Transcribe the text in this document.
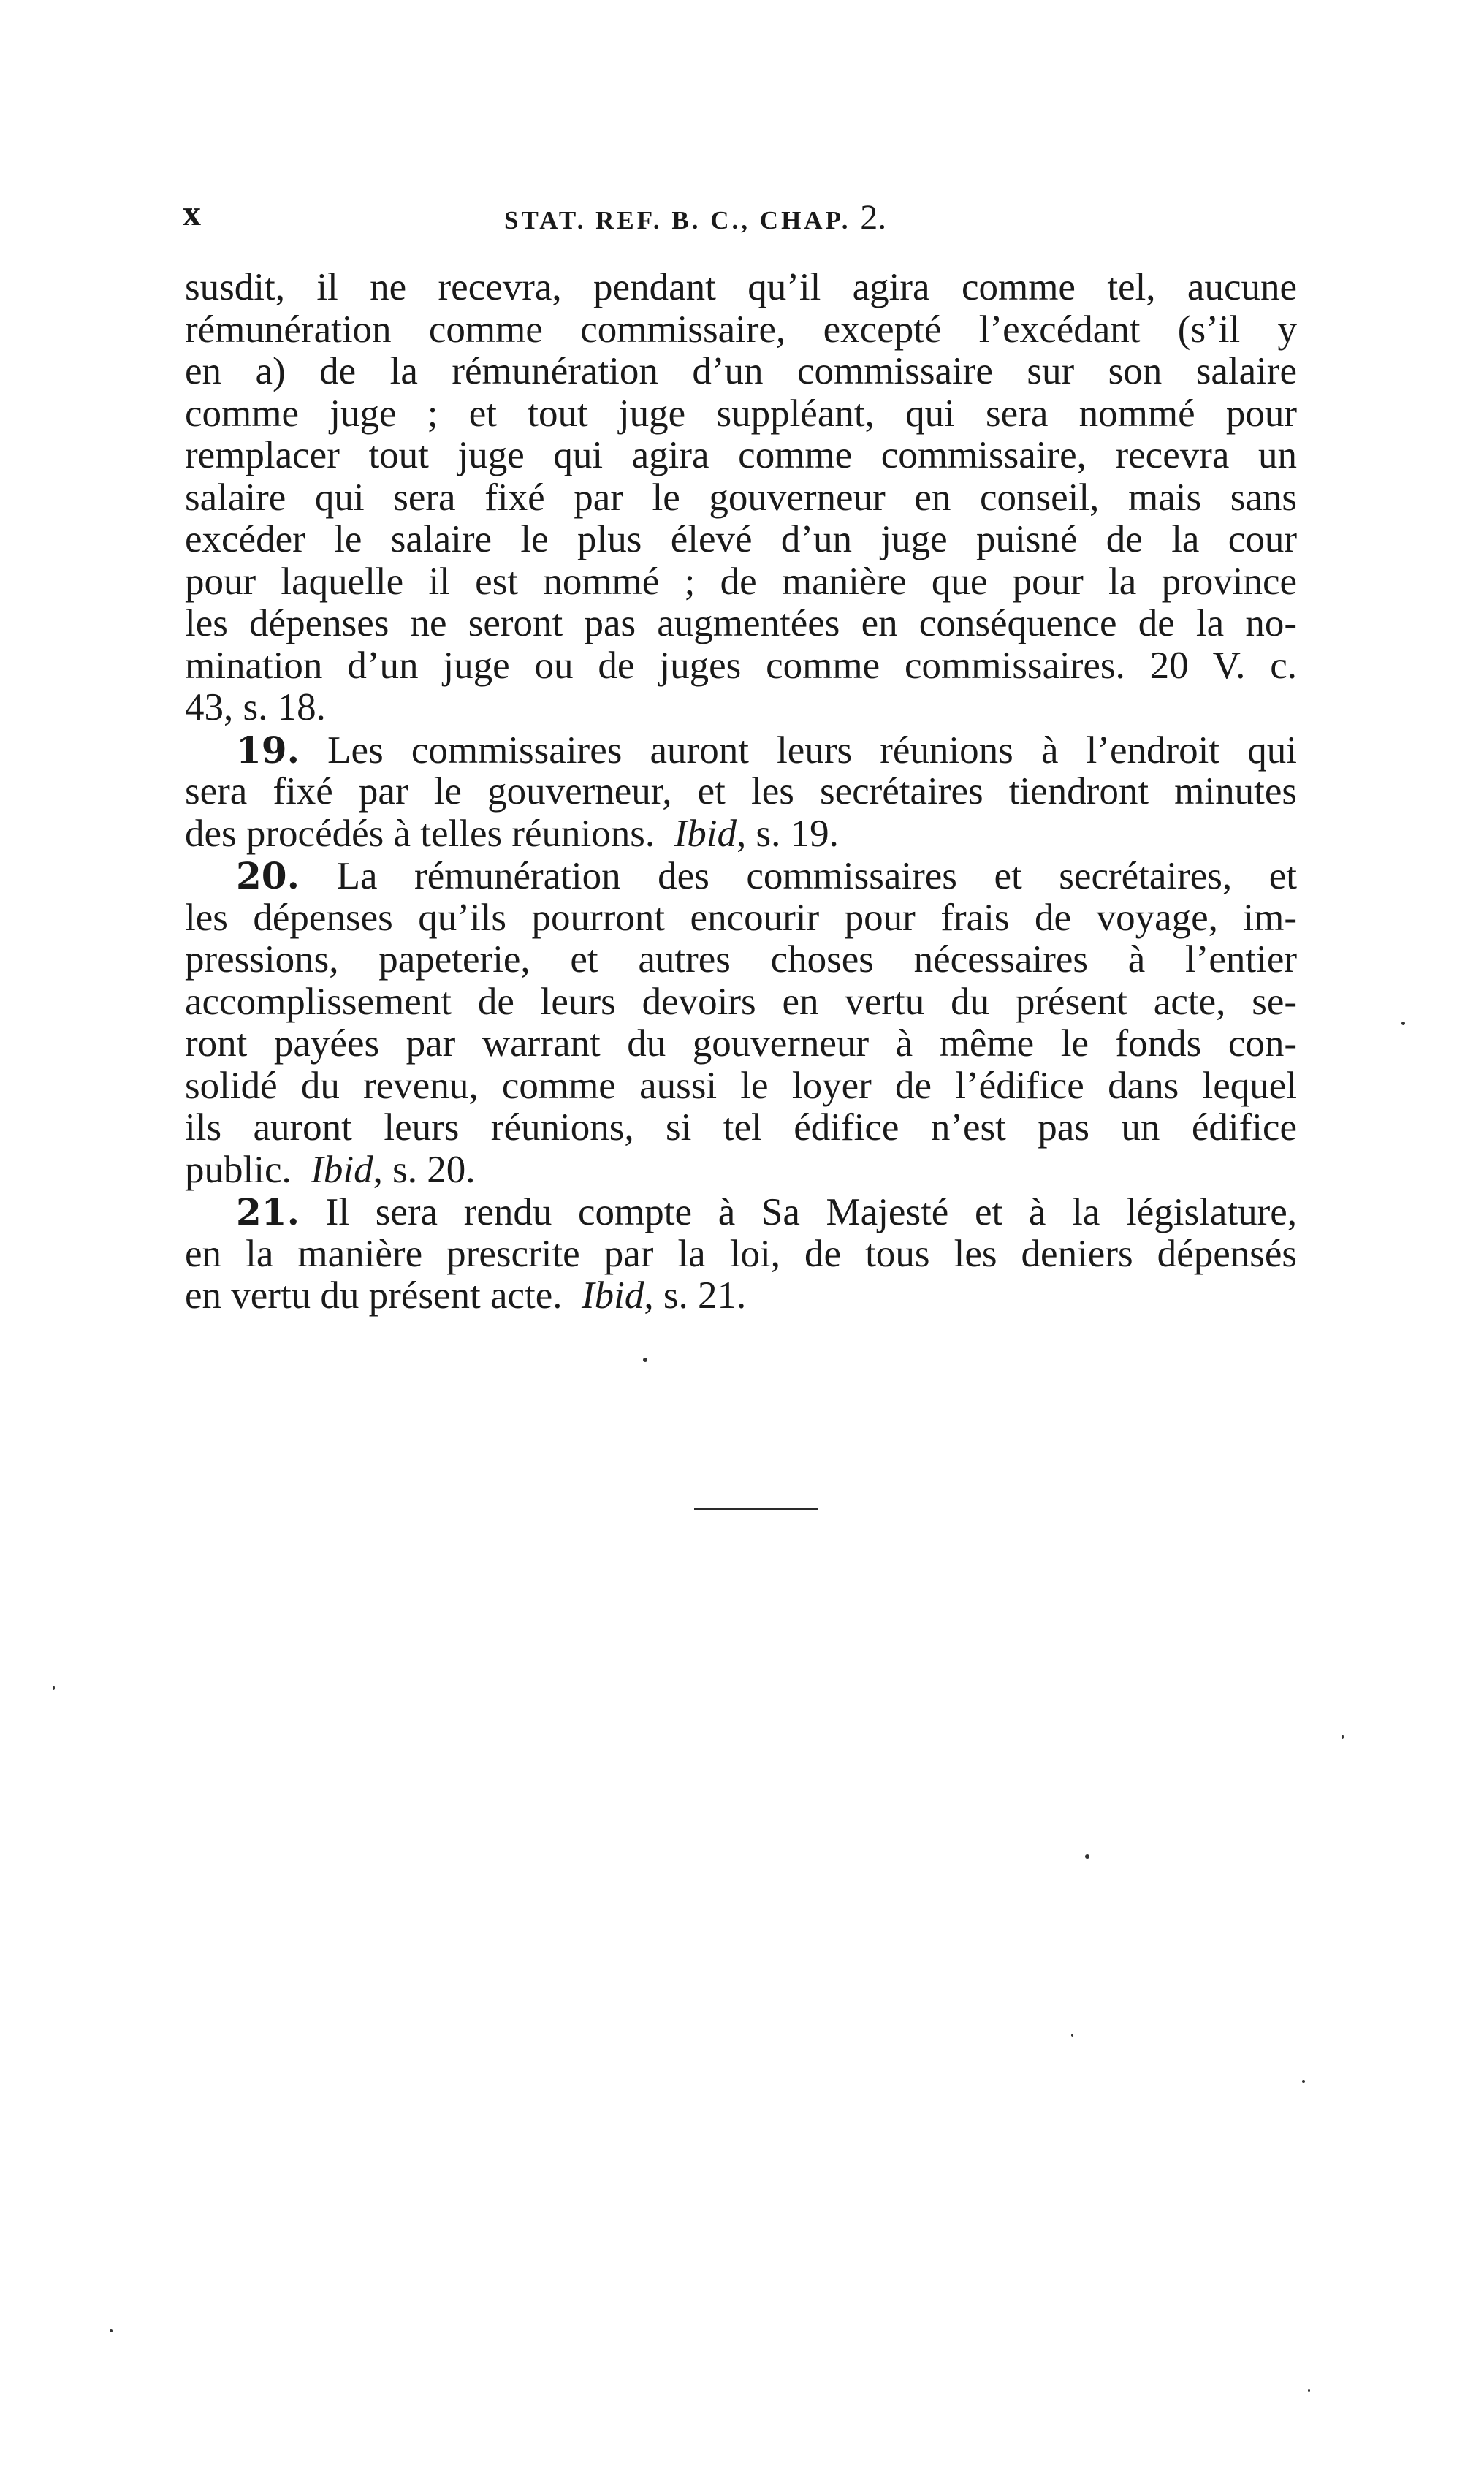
x	STAT. REF. B. C., CHAP. 2.
susdit, il ne recevra, pendant qu’il agira comme tel, aucune
rémunération comme commissaire, excepté l’excédant (s’il y
en a) de la rémunération d’un commissaire sur son salaire
comme juge ; et tout juge suppléant, qui sera nommé pour
remplacer tout juge qui agira comme commissaire, recevra un
salaire qui sera fixé par le gouverneur en conseil, mais sans
excéder le salaire le plus élevé d’un juge puisné de la cour
pour laquelle il est nommé ; de manière que pour la province
les dépenses ne seront pas augmentées en conséquence de la no-
mination d’un juge ou de juges comme commissaires. 20 V. c.
43, s. 18.
19. Les commissaires auront leurs réunions à l’endroit qui
sera fixé par le gouverneur, et les secrétaires tiendront minutes
des procédés à telles réunions. Ibid, s. 19.
20. La rémunération des commissaires et secrétaires, et
les dépenses qu’ils pourront encourir pour frais de voyage, im-
pressions, papeterie, et autres choses nécessaires à l’entier
accomplissement de leurs devoirs en vertu du présent acte, se-
ront payées par warrant du gouverneur à même le fonds con-
solidé du revenu, comme aussi le loyer de l’édifice dans lequel
ils auront leurs réunions, si tel édifice n’est pas un édifice
public. Ibid, s. 20.
21. Il sera rendu compte à Sa Majesté et à la législature,
en la manière prescrite par la loi, de tous les deniers dépensés
en vertu du présent acte. Ibid, s. 21.
